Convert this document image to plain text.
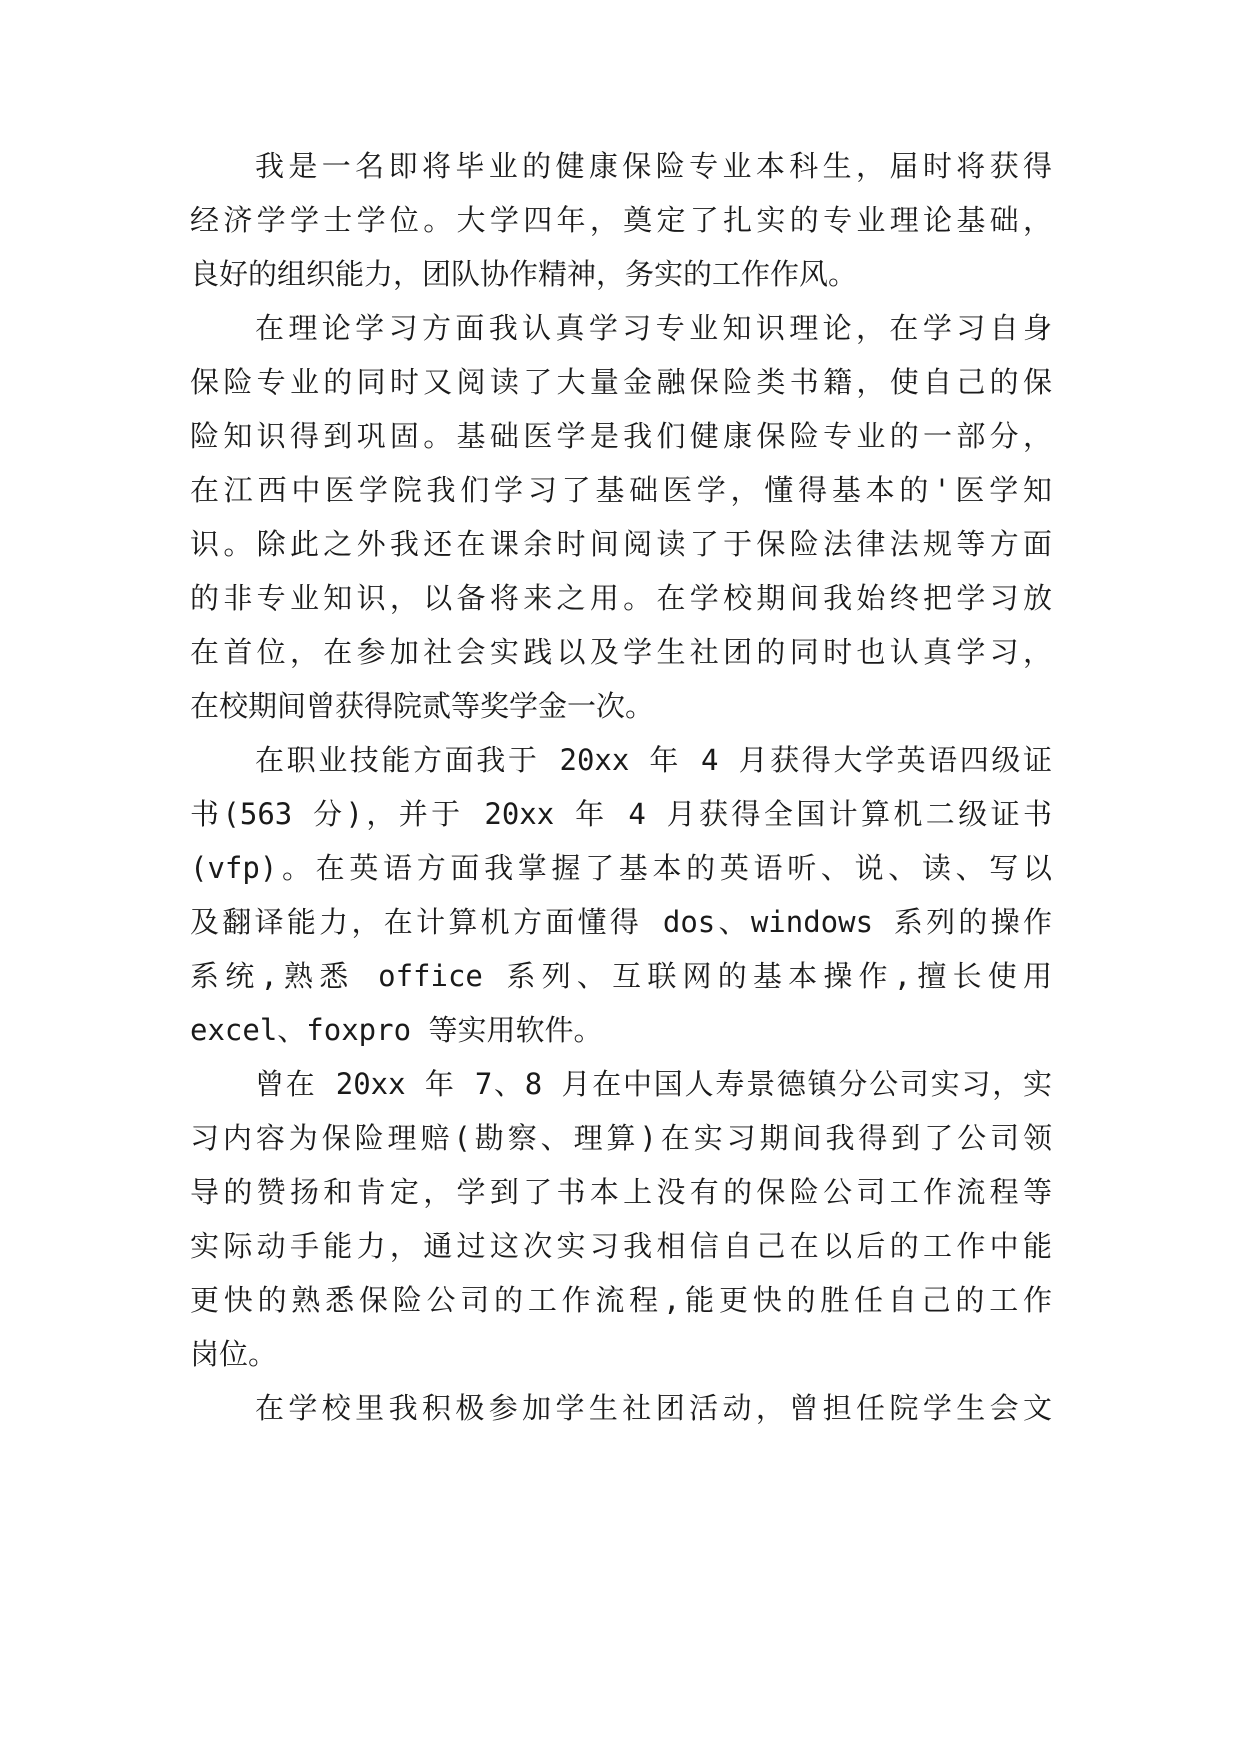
我是一名即将毕业的健康保险专业本科生，届时将获得
经济学学士学位。大学四年，奠定了扎实的专业理论基础，
良好的组织能力，团队协作精神，务实的工作作风。
在理论学习方面我认真学习专业知识理论，在学习自身
保险专业的同时又阅读了大量金融保险类书籍，使自己的保
险知识得到巩固。基础医学是我们健康保险专业的一部分，
在江西中医学院我们学习了基础医学，懂得基本的'医学知
识。除此之外我还在课余时间阅读了于保险法律法规等方面
的非专业知识，以备将来之用。在学校期间我始终把学习放
在首位，在参加社会实践以及学生社团的同时也认真学习，
在校期间曾获得院贰等奖学金一次。
在职业技能方面我于 20xx 年 4 月获得大学英语四级证
书(563 分)，并于 20xx 年 4 月获得全国计算机二级证书
(vfp)。在英语方面我掌握了基本的英语听、说、读、写以
及翻译能力，在计算机方面懂得 dos、windows 系列的操作
系统,熟悉 office 系列、互联网的基本操作,擅长使用
excel、foxpro 等实用软件。
曾在 20xx 年 7、8 月在中国人寿景德镇分公司实习，实
习内容为保险理赔(勘察、理算)在实习期间我得到了公司领
导的赞扬和肯定，学到了书本上没有的保险公司工作流程等
实际动手能力，通过这次实习我相信自己在以后的工作中能
更快的熟悉保险公司的工作流程,能更快的胜任自己的工作
岗位。
在学校里我积极参加学生社团活动，曾担任院学生会文
